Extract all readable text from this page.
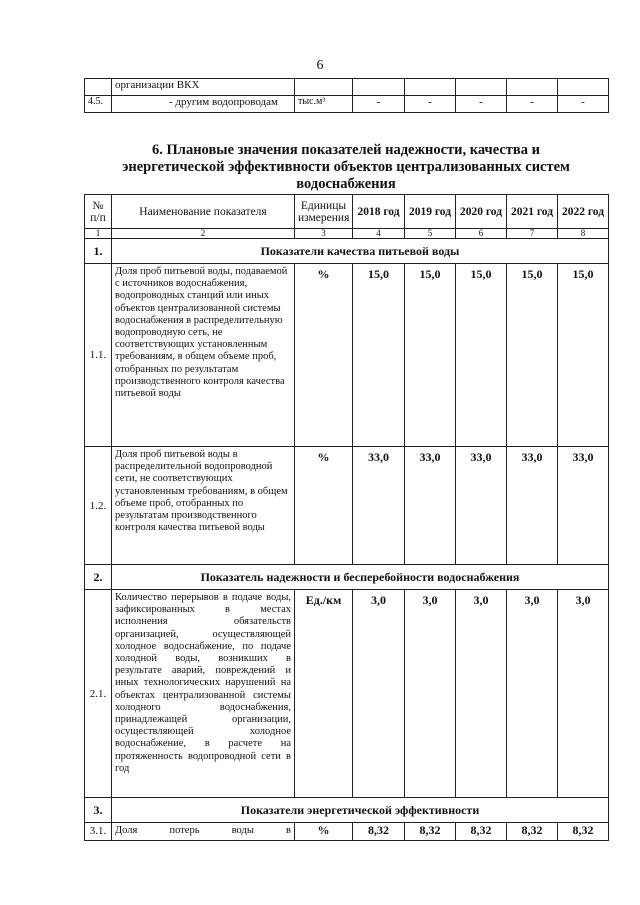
6
	организации ВКХ						
4.5.	- другим водопроводам	тыс.м³	-	-	-	-	-
6. Плановые значения показателей надежности, качества и
энергетической эффективности объектов централизованных систем
водоснабжения
№ п/п	Наименование показателя	Единицы измерения	2018 год	2019 год	2020 год	2021 год	2022 год
1	2	3	4	5	6	7	8
1.	Показатели качества питьевой воды						
1.1.	Доля проб питьевой воды, подаваемой с источников водоснабжения, водопроводных станций или иных объектов централизованной системы водоснабжения в распределительную водопроводную сеть, не соответствующих установленным требованиям, в общем объеме проб, отобранных по результатам производственного контроля качества питьевой воды	%	15,0	15,0	15,0	15,0	15,0
1.2.	Доля проб питьевой воды в распределительной водопроводной сети, не соответствующих установленным требованиям, в общем объеме проб, отобранных по результатам производственного контроля качества питьевой воды	%	33,0	33,0	33,0	33,0	33,0
2.	Показатель надежности и бесперебойности водоснабжения						
2.1.	Количество перерывов в подаче воды, зафиксированных в местах исполнения обязательств организацией, осуществляющей холодное водоснабжение, по подаче холодной воды, возникших в результате аварий, повреждений и иных технологических нарушений на объектах централизованной системы холодного водоснабжения, принадлежащей организации, осуществляющей холодное водоснабжение, в расчете на протяженность водопроводной сети в год	Ед./км	3,0	3,0	3,0	3,0	3,0
3.	Показатели энергетической эффективности						
3.1.	Доля потерь воды в	%	8,32	8,32	8,32	8,32	8,32
